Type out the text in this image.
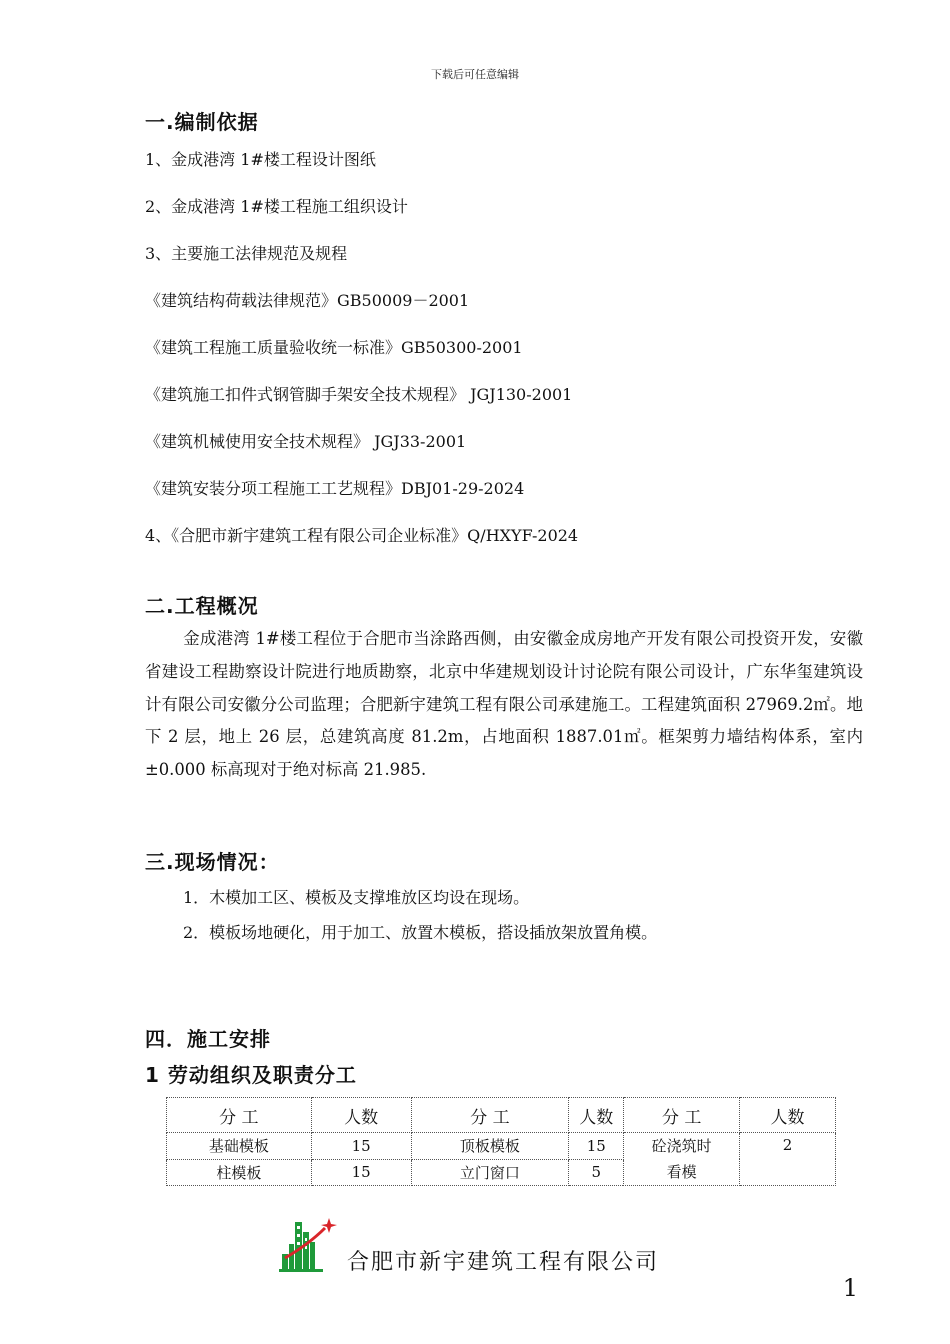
下载后可任意编辑
一.编制依据
1、金成港湾 1#楼工程设计图纸
2、金成港湾 1#楼工程施工组织设计
3、主要施工法律规范及规程
《建筑结构荷载法律规范》GB50009－2001
《建筑工程施工质量验收统一标准》GB50300-2001
《建筑施工扣件式钢管脚手架安全技术规程》 JGJ130-2001
《建筑机械使用安全技术规程》 JGJ33-2001
《建筑安装分项工程施工工艺规程》DBJ01-29-2024
4、《合肥市新宇建筑工程有限公司企业标准》Q/HXYF-2024
二.工程概况
金成港湾 1#楼工程位于合肥市当涂路西侧，由安徽金成房地产开发有限公司投资开发，安徽省建设工程勘察设计院进行地质勘察，北京中华建规划设计讨论院有限公司设计，广东华玺建筑设计有限公司安徽分公司监理；合肥新宇建筑工程有限公司承建施工。工程建筑面积 27969.2㎡。地下 2 层，地上 26 层，总建筑高度 81.2m，占地面积 1887.01㎡。框架剪力墙结构体系，室内±0.000 标高现对于绝对标高 21.985.
三.现场情况：
1．木模加工区、模板及支撑堆放区均设在现场。
2．模板场地硬化，用于加工、放置木模板，搭设插放架放置角模。
四．施工安排
1 劳动组织及职责分工
分 工	人数	分 工	人数	分 工	人数
基础模板	15	顶板模板	15	砼浇筑时看模	2
柱模板	15	立门窗口	5		
合肥市新宇建筑工程有限公司
1
